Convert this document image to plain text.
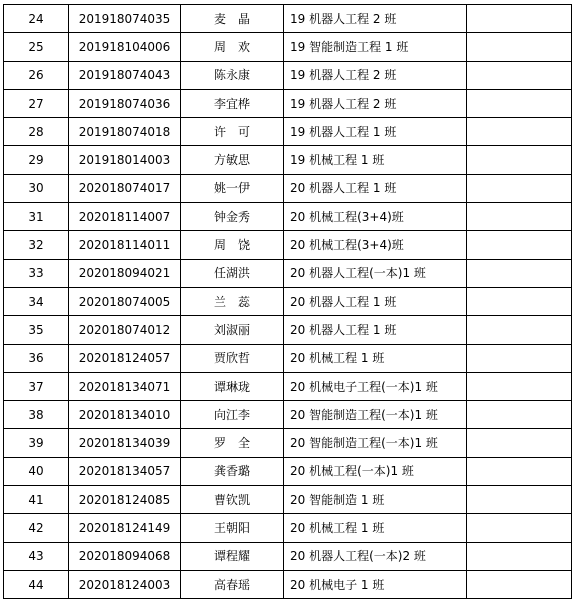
24	201918074035	麦　晶	19 机器人工程 2 班	
25	201918104006	周　欢	19 智能制造工程 1 班	
26	201918074043	陈永康	19 机器人工程 2 班	
27	201918074036	李宜桦	19 机器人工程 2 班	
28	201918074018	许　可	19 机器人工程 1 班	
29	201918014003	方敏思	19 机械工程 1 班	
30	202018074017	姚一伊	20 机器人工程 1 班	
31	202018114007	钟金秀	20 机械工程(3+4)班	
32	202018114011	周　饶	20 机械工程(3+4)班	
33	202018094021	任湖洪	20 机器人工程(一本)1 班	
34	202018074005	兰　蕊	20 机器人工程 1 班	
35	202018074012	刘淑丽	20 机器人工程 1 班	
36	202018124057	贾欣哲	20 机械工程 1 班	
37	202018134071	谭琳珑	20 机械电子工程(一本)1 班	
38	202018134010	向江李	20 智能制造工程(一本)1 班	
39	202018134039	罗　全	20 智能制造工程(一本)1 班	
40	202018134057	龚香璐	20 机械工程(一本)1 班	
41	202018124085	曹钦凯	20 智能制造 1 班	
42	202018124149	王朝阳	20 机械工程 1 班	
43	202018094068	谭程耀	20 机器人工程(一本)2 班	
44	202018124003	高春瑶	20 机械电子 1 班	
